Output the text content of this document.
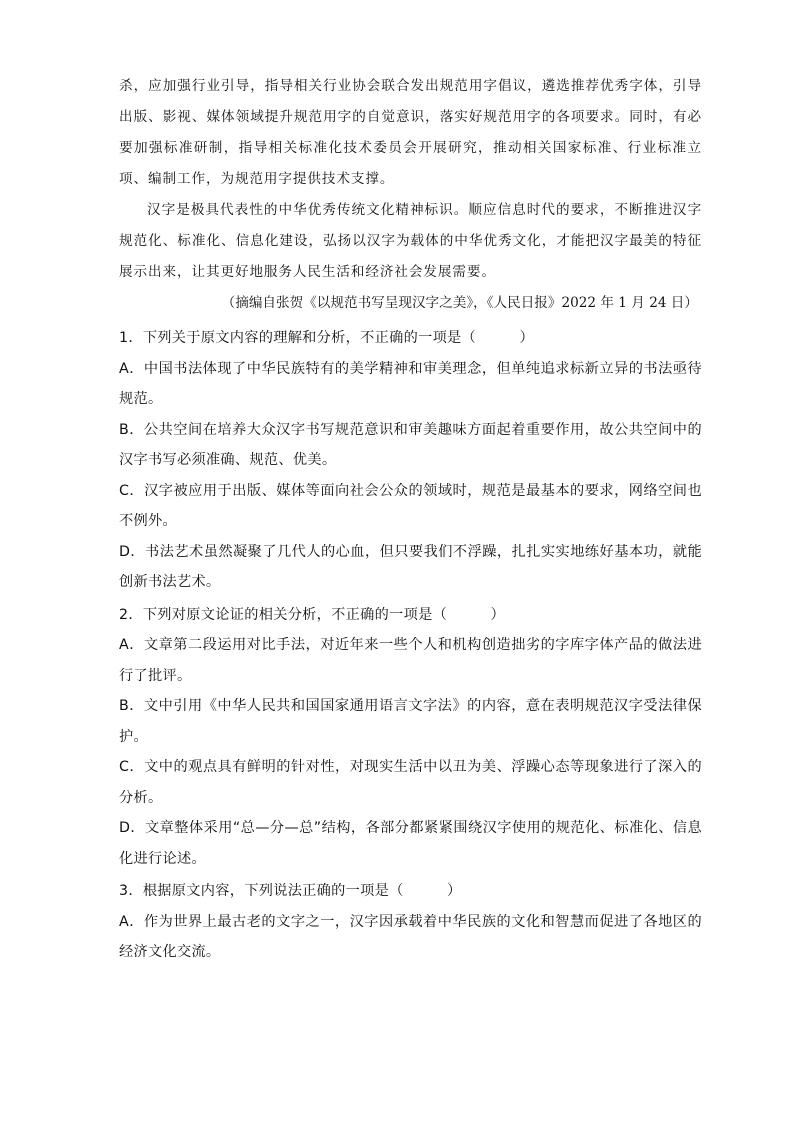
杀，应加强行业引导，指导相关行业协会联合发出规范用字倡议，遴选推荐优秀字体，引导出版、影视、媒体领域提升规范用字的自觉意识，落实好规范用字的各项要求。同时，有必要加强标准研制，指导相关标准化技术委员会开展研究，推动相关国家标准、行业标准立项、编制工作，为规范用字提供技术支撑。

汉字是极具代表性的中华优秀传统文化精神标识。顺应信息时代的要求，不断推进汉字规范化、标准化、信息化建设，弘扬以汉字为载体的中华优秀文化，才能把汉字最美的特征展示出来，让其更好地服务人民生活和经济社会发展需要。

（摘编自张贺《以规范书写呈现汉字之美》，《人民日报》2022 年 1 月 24 日）

1．下列关于原文内容的理解和分析，不正确的一项是（　　　）

A．中国书法体现了中华民族特有的美学精神和审美理念，但单纯追求标新立异的书法亟待规范。

B．公共空间在培养大众汉字书写规范意识和审美趣味方面起着重要作用，故公共空间中的汉字书写必须准确、规范、优美。

C．汉字被应用于出版、媒体等面向社会公众的领域时，规范是最基本的要求，网络空间也不例外。

D．书法艺术虽然凝聚了几代人的心血，但只要我们不浮躁，扎扎实实地练好基本功，就能创新书法艺术。

2．下列对原文论证的相关分析，不正确的一项是（　　　）

A．文章第二段运用对比手法，对近年来一些个人和机构创造拙劣的字库字体产品的做法进行了批评。

B．文中引用《中华人民共和国国家通用语言文字法》的内容，意在表明规范汉字受法律保护。

C．文中的观点具有鲜明的针对性，对现实生活中以丑为美、浮躁心态等现象进行了深入的分析。

D．文章整体采用“总—分—总”结构，各部分都紧紧围绕汉字使用的规范化、标准化、信息化进行论述。

3．根据原文内容，下列说法正确的一项是（　　　）

A．作为世界上最古老的文字之一，汉字因承载着中华民族的文化和智慧而促进了各地区的经济文化交流。
